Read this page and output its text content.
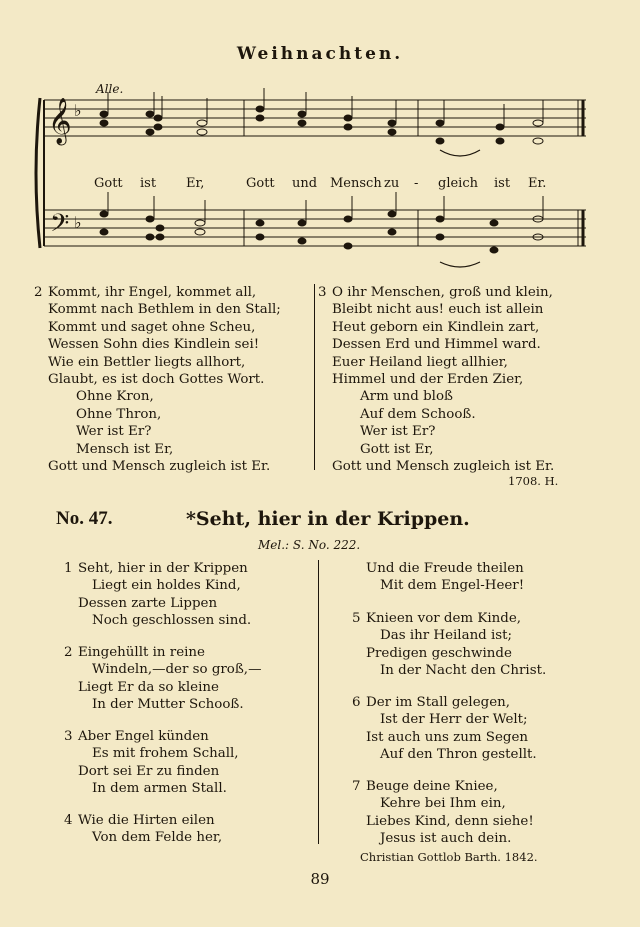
Weihnachten.
𝄞
𝄢
♭
♭
Alle.
Gott ist Er,	Gott und Mensch zu - gleich ist Er.
2 Kommt, ihr Engel, kommet all,
Kommt nach Bethlem in den Stall;
Kommt und saget ohne Scheu,
Wessen Sohn dies Kindlein sei!
Wie ein Bettler liegts allhort,
Glaubt, es ist doch Gottes Wort.
Ohne Kron,
Ohne Thron,
Wer ist Er?
Mensch ist Er,
Gott und Mensch zugleich ist Er.
3 O ihr Menschen, groß und klein,
Bleibt nicht aus! euch ist allein
Heut geborn ein Kindlein zart,
Dessen Erd und Himmel ward.
Euer Heiland liegt allhier,
Himmel und der Erden Zier,
Arm und bloß
Auf dem Schooß.
Wer ist Er?
Gott ist Er,
Gott und Mensch zugleich ist Er.
1708. H.
No. 47.	*Seht, hier in der Krippen.
Mel.: S. No. 222.
1 Seht, hier in der Krippen
Liegt ein holdes Kind,
Dessen zarte Lippen
Noch geschlossen sind.
2 Eingehüllt in reine
Windeln,—der so groß,—
Liegt Er da so kleine
In der Mutter Schooß.
3 Aber Engel künden
Es mit frohem Schall,
Dort sei Er zu finden
In dem armen Stall.
4 Wie die Hirten eilen
Von dem Felde her,
Und die Freude theilen
Mit dem Engel-Heer!
5 Knieen vor dem Kinde,
Das ihr Heiland ist;
Predigen geschwinde
In der Nacht den Christ.
6 Der im Stall gelegen,
Ist der Herr der Welt;
Ist auch uns zum Segen
Auf den Thron gestellt.
7 Beuge deine Kniee,
Kehre bei Ihm ein,
Liebes Kind, denn siehe!
Jesus ist auch dein.
Christian Gottlob Barth. 1842.
89
